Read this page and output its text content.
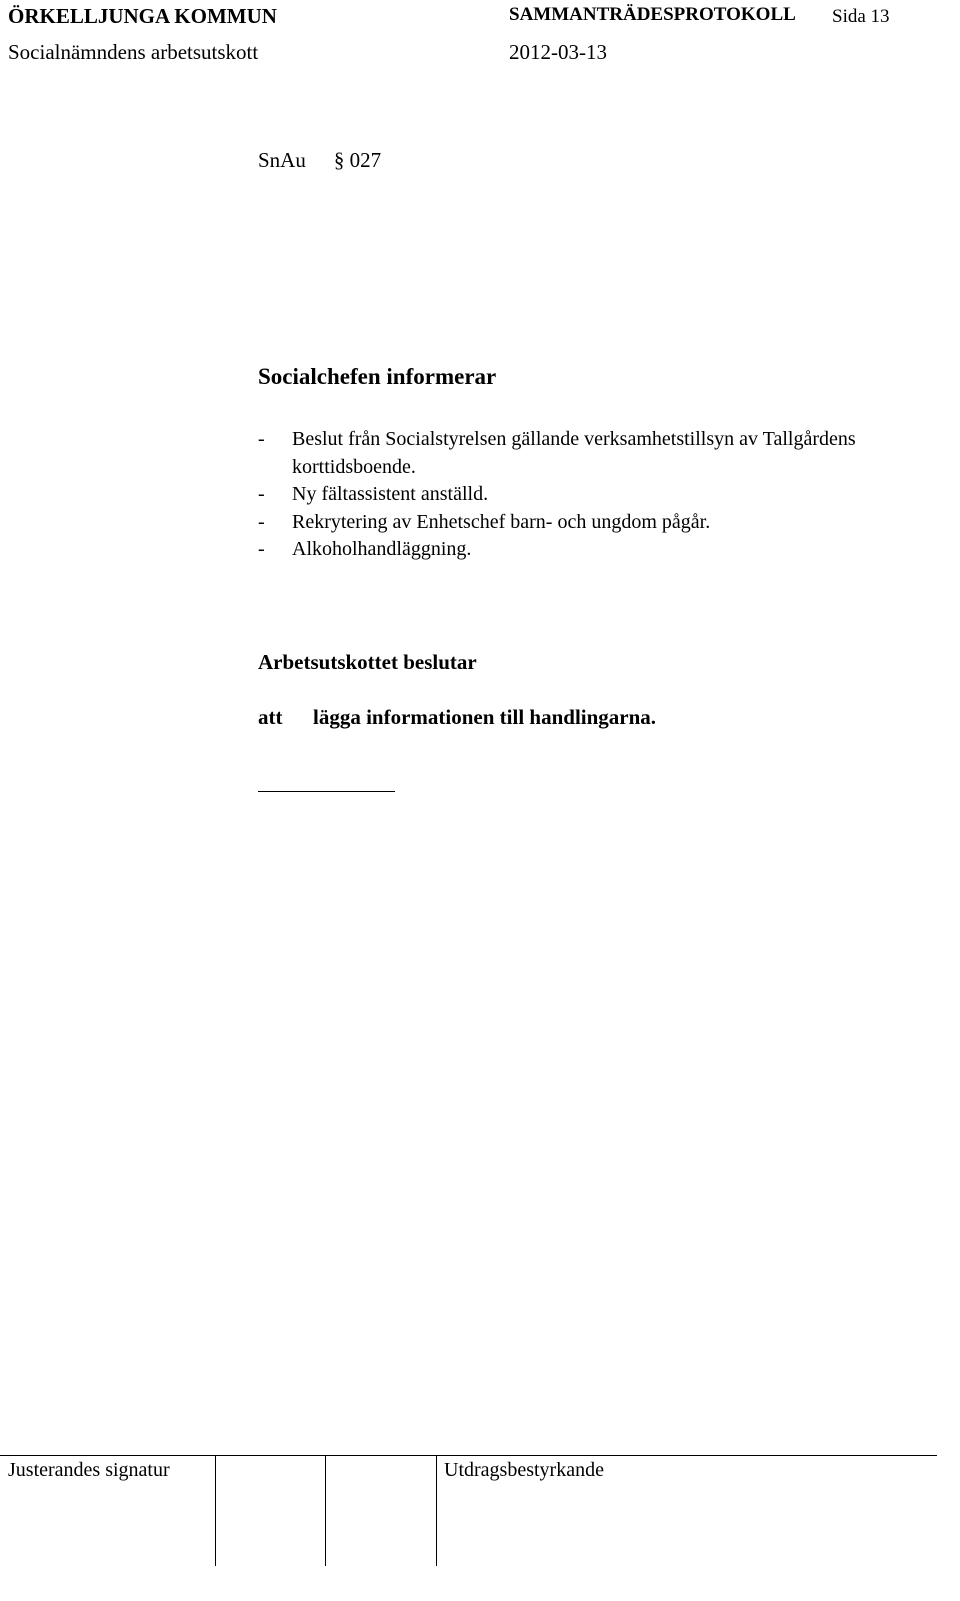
ÖRKELLJUNGA KOMMUN	SAMMANTRÄDESPROTOKOLL Sida 13
Socialnämndens arbetsutskott	2012-03-13
SnAu § 027
Socialchefen informerar
- Beslut från Socialstyrelsen gällande verksamhetstillsyn av Tallgårdens korttidsboende.
- Ny fältassistent anställd.
- Rekrytering av Enhetschef barn- och ungdom pågår.
- Alkoholhandläggning.
Arbetsutskottet beslutar
att lägga informationen till handlingarna.
Justerandes signatur	Utdragsbestyrkande
